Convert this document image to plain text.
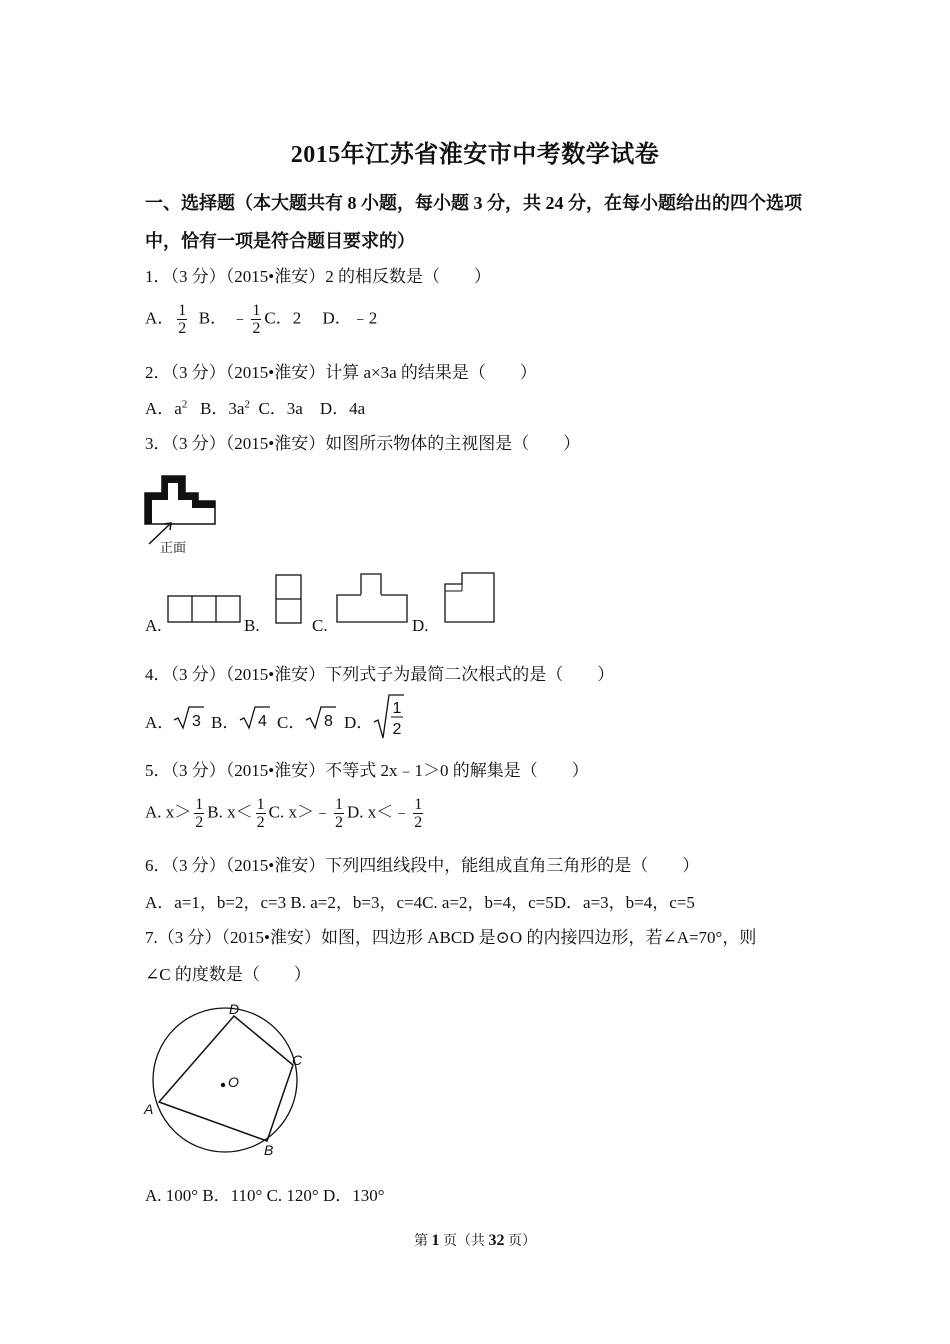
2015年江苏省淮安市中考数学试卷
一、选择题（本大题共有 8 小题，每小题 3 分，共 24 分，在每小题给出的四个选项
中，恰有一项是符合题目要求的）
1．（3 分）（2015•淮安）2 的相反数是（　　）
A． $\frac{1}{2}$ B． ﹣ $\frac{1}{2}$ C．2　 D．﹣2
2．（3 分）（2015•淮安）计算 a×3a 的结果是（　　）
A．$a^2$ B．$3a^2$ C．3a　D．4a
3．（3 分）（2015•淮安）如图所示物体的主视图是（　　）
正面
A.	B.	C.	D.
4．（3 分）（2015•淮安）下列式子为最简二次根式的是（　　）
A． 3 B． 4 C． 8 D．
1
2
5．（3 分）（2015•淮安）不等式 2x﹣1＞0 的解集是（　　）
A. $x> \frac{1}{2} B$. $x< \frac{1}{2} C$. x＞﹣ $\frac{1}{2} D$. x＜﹣ $\frac{1}{2}$
6．（3 分）（2015•淮安）下列四组线段中，能组成直角三角形的是（　　）
A．a=1，b=2，c=3 B. a=2，b=3，c=4C. a=2，b=4，c=5D．a=3，b=4，c=5
7.（3 分）（2015•淮安）如图，四边形 ABCD 是⊙O 的内接四边形，若∠A=70°，则
∠C 的度数是（　　）
O
A
B
C
D
A. 100° B．110° C. 120° D．130°
第 1 页（共 32 页）
